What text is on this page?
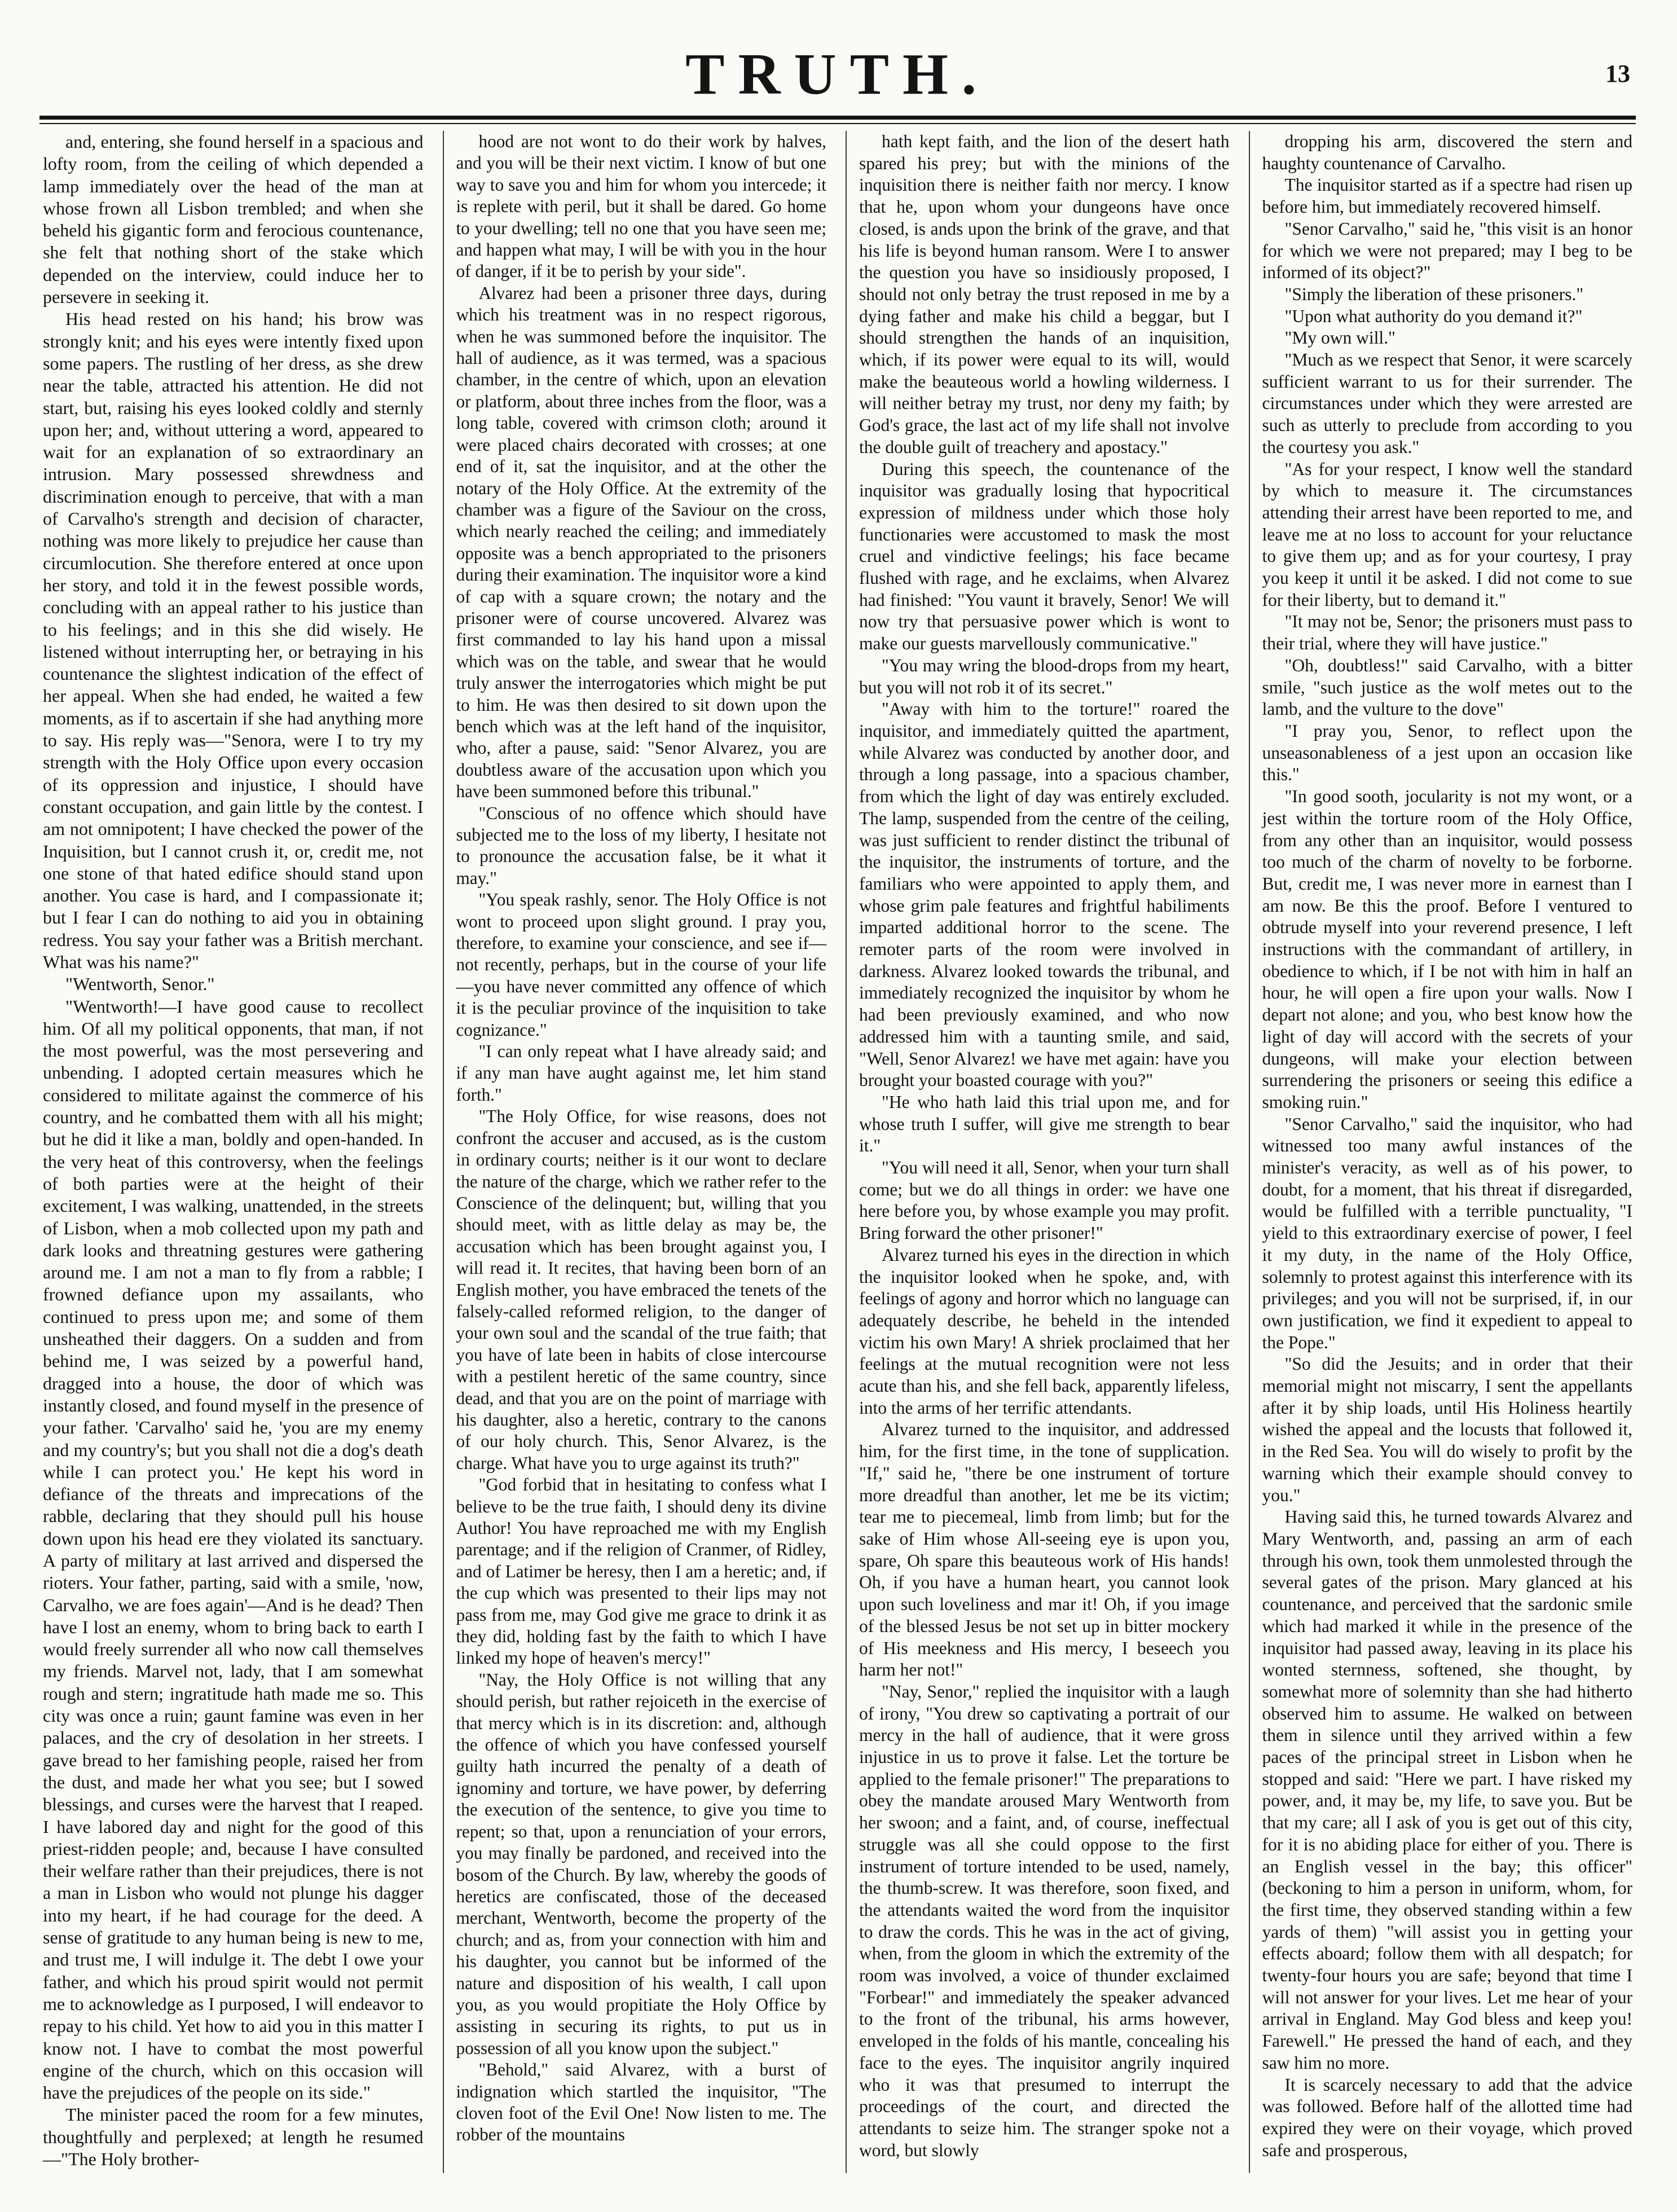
TRUTH.	13

and, entering, she found herself in a spacious and lofty room, from the ceiling of which depended a lamp immediately over the head of the man at whose frown all Lisbon trembled; and when she beheld his gigantic form and ferocious countenance, she felt that nothing short of the stake which depended on the interview, could induce her to persevere in seeking it.

His head rested on his hand; his brow was strongly knit; and his eyes were intently fixed upon some papers. The rustling of her dress, as she drew near the table, attracted his attention. He did not start, but, raising his eyes looked coldly and sternly upon her; and, without uttering a word, appeared to wait for an explanation of so extraordinary an intrusion. Mary possessed shrewdness and discrimination enough to perceive, that with a man of Carvalho's strength and decision of character, nothing was more likely to prejudice her cause than circumlocution. She therefore entered at once upon her story, and told it in the fewest possible words, concluding with an appeal rather to his justice than to his feelings; and in this she did wisely. He listened without interrupting her, or betraying in his countenance the slightest indication of the effect of her appeal. When she had ended, he waited a few moments, as if to ascertain if she had anything more to say. His reply was—"Senora, were I to try my strength with the Holy Office upon every occasion of its oppression and injustice, I should have constant occupation, and gain little by the contest. I am not omnipotent; I have checked the power of the Inquisition, but I cannot crush it, or, credit me, not one stone of that hated edifice should stand upon another. You case is hard, and I compassionate it; but I fear I can do nothing to aid you in obtaining redress. You say your father was a British merchant. What was his name?"

"Wentworth, Senor."

"Wentworth!—I have good cause to recollect him. Of all my political opponents, that man, if not the most powerful, was the most persevering and unbending. I adopted certain measures which he considered to militate against the commerce of his country, and he combatted them with all his might; but he did it like a man, boldly and open-handed. In the very heat of this controversy, when the feelings of both parties were at the height of their excitement, I was walking, unattended, in the streets of Lisbon, when a mob collected upon my path and dark looks and threatning gestures were gathering around me. I am not a man to fly from a rabble; I frowned defiance upon my assailants, who continued to press upon me; and some of them unsheathed their daggers. On a sudden and from behind me, I was seized by a powerful hand, dragged into a house, the door of which was instantly closed, and found myself in the presence of your father. 'Carvalho' said he, 'you are my enemy and my country's; but you shall not die a dog's death while I can protect you.' He kept his word in defiance of the threats and imprecations of the rabble, declaring that they should pull his house down upon his head ere they violated its sanctuary. A party of military at last arrived and dispersed the rioters. Your father, parting, said with a smile, 'now, Carvalho, we are foes again'—And is he dead? Then have I lost an enemy, whom to bring back to earth I would freely surrender all who now call themselves my friends. Marvel not, lady, that I am somewhat rough and stern; ingratitude hath made me so. This city was once a ruin; gaunt famine was even in her palaces, and the cry of desolation in her streets. I gave bread to her famishing people, raised her from the dust, and made her what you see; but I sowed blessings, and curses were the harvest that I reaped. I have labored day and night for the good of this priest-ridden people; and, because I have consulted their welfare rather than their prejudices, there is not a man in Lisbon who would not plunge his dagger into my heart, if he had courage for the deed. A sense of gratitude to any human being is new to me, and trust me, I will indulge it. The debt I owe your father, and which his proud spirit would not permit me to acknowledge as I purposed, I will endeavor to repay to his child. Yet how to aid you in this matter I know not. I have to combat the most powerful engine of the church, which on this occasion will have the prejudices of the people on its side."

The minister paced the room for a few minutes, thoughtfully and perplexed; at length he resumed—"The Holy brother-

hood are not wont to do their work by halves, and you will be their next victim. I know of but one way to save you and him for whom you intercede; it is replete with peril, but it shall be dared. Go home to your dwelling; tell no one that you have seen me; and happen what may, I will be with you in the hour of danger, if it be to perish by your side".

Alvarez had been a prisoner three days, during which his treatment was in no respect rigorous, when he was summoned before the inquisitor. The hall of audience, as it was termed, was a spacious chamber, in the centre of which, upon an elevation or platform, about three inches from the floor, was a long table, covered with crimson cloth; around it were placed chairs decorated with crosses; at one end of it, sat the inquisitor, and at the other the notary of the Holy Office. At the extremity of the chamber was a figure of the Saviour on the cross, which nearly reached the ceiling; and immediately opposite was a bench appropriated to the prisoners during their examination. The inquisitor wore a kind of cap with a square crown; the notary and the prisoner were of course uncovered. Alvarez was first commanded to lay his hand upon a missal which was on the table, and swear that he would truly answer the interrogatories which might be put to him. He was then desired to sit down upon the bench which was at the left hand of the inquisitor, who, after a pause, said: "Senor Alvarez, you are doubtless aware of the accusation upon which you have been summoned before this tribunal."

"Conscious of no offence which should have subjected me to the loss of my liberty, I hesitate not to pronounce the accusation false, be it what it may."

"You speak rashly, senor. The Holy Office is not wont to proceed upon slight ground. I pray you, therefore, to examine your conscience, and see if—not recently, perhaps, but in the course of your life—you have never committed any offence of which it is the peculiar province of the inquisition to take cognizance."

"I can only repeat what I have already said; and if any man have aught against me, let him stand forth."

"The Holy Office, for wise reasons, does not confront the accuser and accused, as is the custom in ordinary courts; neither is it our wont to declare the nature of the charge, which we rather refer to the Conscience of the delinquent; but, willing that you should meet, with as little delay as may be, the accusation which has been brought against you, I will read it. It recites, that having been born of an English mother, you have embraced the tenets of the falsely-called reformed religion, to the danger of your own soul and the scandal of the true faith; that you have of late been in habits of close intercourse with a pestilent heretic of the same country, since dead, and that you are on the point of marriage with his daughter, also a heretic, contrary to the canons of our holy church. This, Senor Alvarez, is the charge. What have you to urge against its truth?"

"God forbid that in hesitating to confess what I believe to be the true faith, I should deny its divine Author! You have reproached me with my English parentage; and if the religion of Cranmer, of Ridley, and of Latimer be heresy, then I am a heretic; and, if the cup which was presented to their lips may not pass from me, may God give me grace to drink it as they did, holding fast by the faith to which I have linked my hope of heaven's mercy!"

"Nay, the Holy Office is not willing that any should perish, but rather rejoiceth in the exercise of that mercy which is in its discretion: and, although the offence of which you have confessed yourself guilty hath incurred the penalty of a death of ignominy and torture, we have power, by deferring the execution of the sentence, to give you time to repent; so that, upon a renunciation of your errors, you may finally be pardoned, and received into the bosom of the Church. By law, whereby the goods of heretics are confiscated, those of the deceased merchant, Wentworth, become the property of the church; and as, from your connection with him and his daughter, you cannot but be informed of the nature and disposition of his wealth, I call upon you, as you would propitiate the Holy Office by assisting in securing its rights, to put us in possession of all you know upon the subject."

"Behold," said Alvarez, with a burst of indignation which startled the inquisitor, "The cloven foot of the Evil One! Now listen to me. The robber of the mountains

hath kept faith, and the lion of the desert hath spared his prey; but with the minions of the inquisition there is neither faith nor mercy. I know that he, upon whom your dungeons have once closed, is ands upon the brink of the grave, and that his life is beyond human ransom. Were I to answer the question you have so insidiously proposed, I should not only betray the trust reposed in me by a dying father and make his child a beggar, but I should strengthen the hands of an inquisition, which, if its power were equal to its will, would make the beauteous world a howling wilderness. I will neither betray my trust, nor deny my faith; by God's grace, the last act of my life shall not involve the double guilt of treachery and apostacy."

During this speech, the countenance of the inquisitor was gradually losing that hypocritical expression of mildness under which those holy functionaries were accustomed to mask the most cruel and vindictive feelings; his face became flushed with rage, and he exclaims, when Alvarez had finished: "You vaunt it bravely, Senor! We will now try that persuasive power which is wont to make our guests marvellously communicative."

"You may wring the blood-drops from my heart, but you will not rob it of its secret."

"Away with him to the torture!" roared the inquisitor, and immediately quitted the apartment, while Alvarez was conducted by another door, and through a long passage, into a spacious chamber, from which the light of day was entirely excluded. The lamp, suspended from the centre of the ceiling, was just sufficient to render distinct the tribunal of the inquisitor, the instruments of torture, and the familiars who were appointed to apply them, and whose grim pale features and frightful habiliments imparted additional horror to the scene. The remoter parts of the room were involved in darkness. Alvarez looked towards the tribunal, and immediately recognized the inquisitor by whom he had been previously examined, and who now addressed him with a taunting smile, and said, "Well, Senor Alvarez! we have met again: have you brought your boasted courage with you?"

"He who hath laid this trial upon me, and for whose truth I suffer, will give me strength to bear it."

"You will need it all, Senor, when your turn shall come; but we do all things in order: we have one here before you, by whose example you may profit. Bring forward the other prisoner!"

Alvarez turned his eyes in the direction in which the inquisitor looked when he spoke, and, with feelings of agony and horror which no language can adequately describe, he beheld in the intended victim his own Mary! A shriek proclaimed that her feelings at the mutual recognition were not less acute than his, and she fell back, apparently lifeless, into the arms of her terrific attendants.

Alvarez turned to the inquisitor, and addressed him, for the first time, in the tone of supplication. "If," said he, "there be one instrument of torture more dreadful than another, let me be its victim; tear me to piecemeal, limb from limb; but for the sake of Him whose All-seeing eye is upon you, spare, Oh spare this beauteous work of His hands! Oh, if you have a human heart, you cannot look upon such loveliness and mar it! Oh, if you image of the blessed Jesus be not set up in bitter mockery of His meekness and His mercy, I beseech you harm her not!"

"Nay, Senor," replied the inquisitor with a laugh of irony, "You drew so captivating a portrait of our mercy in the hall of audience, that it were gross injustice in us to prove it false. Let the torture be applied to the female prisoner!" The preparations to obey the mandate aroused Mary Wentworth from her swoon; and a faint, and, of course, ineffectual struggle was all she could oppose to the first instrument of torture intended to be used, namely, the thumb-screw. It was therefore, soon fixed, and the attendants waited the word from the inquisitor to draw the cords. This he was in the act of giving, when, from the gloom in which the extremity of the room was involved, a voice of thunder exclaimed "Forbear!" and immediately the speaker advanced to the front of the tribunal, his arms however, enveloped in the folds of his mantle, concealing his face to the eyes. The inquisitor angrily inquired who it was that presumed to interrupt the proceedings of the court, and directed the attendants to seize him. The stranger spoke not a word, but slowly

dropping his arm, discovered the stern and haughty countenance of Carvalho.

The inquisitor started as if a spectre had risen up before him, but immediately recovered himself.

"Senor Carvalho," said he, "this visit is an honor for which we were not prepared; may I beg to be informed of its object?"

"Simply the liberation of these prisoners."

"Upon what authority do you demand it?"

"My own will."

"Much as we respect that Senor, it were scarcely sufficient warrant to us for their surrender. The circumstances under which they were arrested are such as utterly to preclude from according to you the courtesy you ask."

"As for your respect, I know well the standard by which to measure it. The circumstances attending their arrest have been reported to me, and leave me at no loss to account for your reluctance to give them up; and as for your courtesy, I pray you keep it until it be asked. I did not come to sue for their liberty, but to demand it."

"It may not be, Senor; the prisoners must pass to their trial, where they will have justice."

"Oh, doubtless!" said Carvalho, with a bitter smile, "such justice as the wolf metes out to the lamb, and the vulture to the dove"

"I pray you, Senor, to reflect upon the unseasonableness of a jest upon an occasion like this."

"In good sooth, jocularity is not my wont, or a jest within the torture room of the Holy Office, from any other than an inquisitor, would possess too much of the charm of novelty to be forborne. But, credit me, I was never more in earnest than I am now. Be this the proof. Before I ventured to obtrude myself into your reverend presence, I left instructions with the commandant of artillery, in obedience to which, if I be not with him in half an hour, he will open a fire upon your walls. Now I depart not alone; and you, who best know how the light of day will accord with the secrets of your dungeons, will make your election between surrendering the prisoners or seeing this edifice a smoking ruin."

"Senor Carvalho," said the inquisitor, who had witnessed too many awful instances of the minister's veracity, as well as of his power, to doubt, for a moment, that his threat if disregarded, would be fulfilled with a terrible punctuality, "I yield to this extraordinary exercise of power, I feel it my duty, in the name of the Holy Office, solemnly to protest against this interference with its privileges; and you will not be surprised, if, in our own justification, we find it expedient to appeal to the Pope."

"So did the Jesuits; and in order that their memorial might not miscarry, I sent the appellants after it by ship loads, until His Holiness heartily wished the appeal and the locusts that followed it, in the Red Sea. You will do wisely to profit by the warning which their example should convey to you."

Having said this, he turned towards Alvarez and Mary Wentworth, and, passing an arm of each through his own, took them unmolested through the several gates of the prison. Mary glanced at his countenance, and perceived that the sardonic smile which had marked it while in the presence of the inquisitor had passed away, leaving in its place his wonted sternness, softened, she thought, by somewhat more of solemnity than she had hitherto observed him to assume. He walked on between them in silence until they arrived within a few paces of the principal street in Lisbon when he stopped and said: "Here we part. I have risked my power, and, it may be, my life, to save you. But be that my care; all I ask of you is get out of this city, for it is no abiding place for either of you. There is an English vessel in the bay; this officer" (beckoning to him a person in uniform, whom, for the first time, they observed standing within a few yards of them) "will assist you in getting your effects aboard; follow them with all despatch; for twenty-four hours you are safe; beyond that time I will not answer for your lives. Let me hear of your arrival in England. May God bless and keep you! Farewell." He pressed the hand of each, and they saw him no more.

It is scarcely necessary to add that the advice was followed. Before half of the allotted time had expired they were on their voyage, which proved safe and prosperous,
